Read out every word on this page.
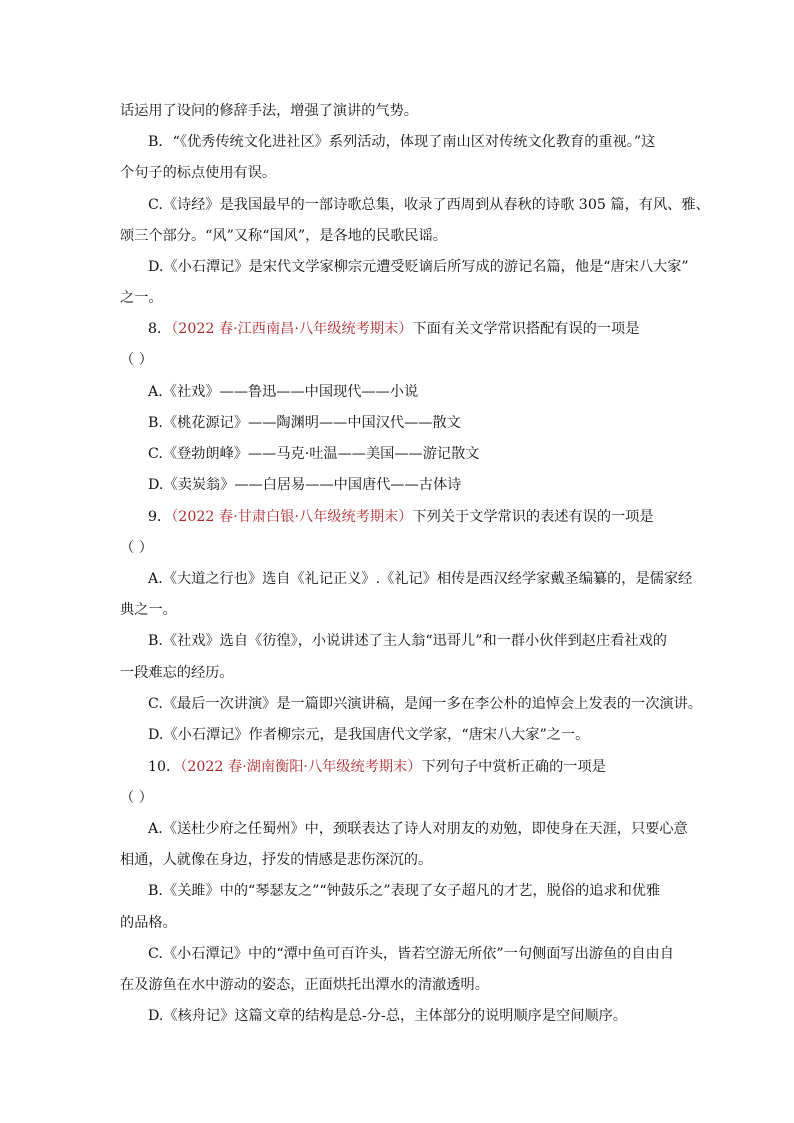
话运用了设问的修辞手法，增强了演讲的气势。
B．“《优秀传统文化进社区》系列活动，体现了南山区对传统文化教育的重视。”这
个句子的标点使用有误。
C.《诗经》是我国最早的一部诗歌总集，收录了西周到从春秋的诗歌 305 篇，有风、雅、
颂三个部分。“风”又称“国风”，是各地的民歌民谣。
D.《小石潭记》是宋代文学家柳宗元遭受贬谪后所写成的游记名篇，他是“唐宋八大家”
之一。
8．（2022 春·江西南昌·八年级统考期末）下面有关文学常识搭配有误的一项是
（ ）
A.《社戏》——鲁迅——中国现代——小说
B.《桃花源记》——陶渊明——中国汉代——散文
C.《登勃朗峰》——马克·吐温——美国——游记散文
D.《卖炭翁》——白居易——中国唐代——古体诗
9．（2022 春·甘肃白银·八年级统考期末）下列关于文学常识的表述有误的一项是
（ ）
A.《大道之行也》选自《礼记正义》.《礼记》相传是西汉经学家戴圣编纂的，是儒家经
典之一。
B.《社戏》选自《彷徨》，小说讲述了主人翁“迅哥儿”和一群小伙伴到赵庄看社戏的
一段难忘的经历。
C.《最后一次讲演》是一篇即兴演讲稿，是闻一多在李公朴的追悼会上发表的一次演讲。
D.《小石潭记》作者柳宗元，是我国唐代文学家，“唐宋八大家”之一。
10．（2022 春·湖南衡阳·八年级统考期末）下列句子中赏析正确的一项是
（ ）
A.《送杜少府之任蜀州》中，颈联表达了诗人对朋友的劝勉，即使身在天涯，只要心意
相通，人就像在身边，抒发的情感是悲伤深沉的。
B.《关雎》中的“琴瑟友之”“钟鼓乐之”表现了女子超凡的才艺，脱俗的追求和优雅
的品格。
C.《小石潭记》中的“潭中鱼可百许头，皆若空游无所依”一句侧面写出游鱼的自由自
在及游鱼在水中游动的姿态，正面烘托出潭水的清澈透明。
D.《核舟记》这篇文章的结构是总-分-总，主体部分的说明顺序是空间顺序。
